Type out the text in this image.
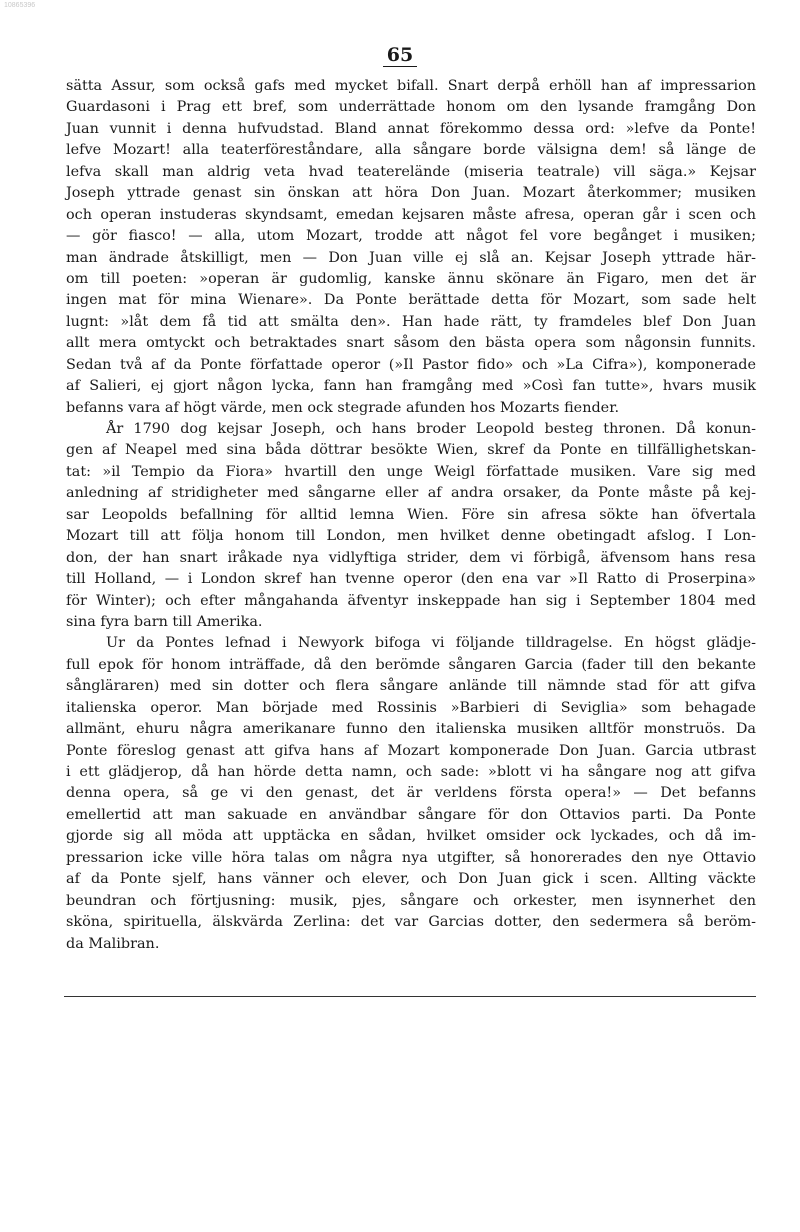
10865396
65
sätta Assur, som också gafs med mycket bifall. Snart derpå erhöll han af impressarion
Guardasoni i Prag ett bref, som underrättade honom om den lysande framgång Don
Juan vunnit i denna hufvudstad. Bland annat förekommo dessa ord: »lefve da Ponte!
lefve Mozart! alla teaterföreståndare, alla sångare borde välsigna dem! så länge de
lefva skall man aldrig veta hvad teaterelände (miseria teatrale) vill säga.» Kejsar
Joseph yttrade genast sin önskan att höra Don Juan. Mozart återkommer; musiken
och operan instuderas skyndsamt, emedan kejsaren måste afresa, operan går i scen och
— gör fiasco! — alla, utom Mozart, trodde att något fel vore begånget i musiken;
man ändrade åtskilligt, men — Don Juan ville ej slå an. Kejsar Joseph yttrade här-
om till poeten: »operan är gudomlig, kanske ännu skönare än Figaro, men det är
ingen mat för mina Wienare». Da Ponte berättade detta för Mozart, som sade helt
lugnt: »låt dem få tid att smälta den». Han hade rätt, ty framdeles blef Don Juan
allt mera omtyckt och betraktades snart såsom den bästa opera som någonsin funnits.
Sedan två af da Ponte författade operor (»Il Pastor fido» och »La Cifra»), komponerade
af Salieri, ej gjort någon lycka, fann han framgång med »Così fan tutte», hvars musik
befanns vara af högt värde, men ock stegrade afunden hos Mozarts fiender.
År 1790 dog kejsar Joseph, och hans broder Leopold besteg thronen. Då konun-
gen af Neapel med sina båda döttrar besökte Wien, skref da Ponte en tillfällighetskan-
tat: »il Tempio da Fiora» hvartill den unge Weigl författade musiken. Vare sig med
anledning af stridigheter med sångarne eller af andra orsaker, da Ponte måste på kej-
sar Leopolds befallning för alltid lemna Wien. Före sin afresa sökte han öfvertala
Mozart till att följa honom till London, men hvilket denne obetingadt afslog. I Lon-
don, der han snart iråkade nya vidlyftiga strider, dem vi förbigå, äfvensom hans resa
till Holland, — i London skref han tvenne operor (den ena var »Il Ratto di Proserpina»
för Winter); och efter mångahanda äfventyr inskeppade han sig i September 1804 med
sina fyra barn till Amerika.
Ur da Pontes lefnad i Newyork bifoga vi följande tilldragelse. En högst glädje-
full epok för honom inträffade, då den berömde sångaren Garcia (fader till den bekante
sångläraren) med sin dotter och flera sångare anlände till nämnde stad för att gifva
italienska operor. Man började med Rossinis »Barbieri di Seviglia» som behagade
allmänt, ehuru några amerikanare funno den italienska musiken alltför monstruös. Da
Ponte föreslog genast att gifva hans af Mozart komponerade Don Juan. Garcia utbrast
i ett glädjerop, då han hörde detta namn, och sade: »blott vi ha sångare nog att gifva
denna opera, så ge vi den genast, det är verldens första opera!» — Det befanns
emellertid att man sakuade en användbar sångare för don Ottavios parti. Da Ponte
gjorde sig all möda att upptäcka en sådan, hvilket omsider ock lyckades, och då im-
pressarion icke ville höra talas om några nya utgifter, så honorerades den nye Ottavio
af da Ponte sjelf, hans vänner och elever, och Don Juan gick i scen. Allting väckte
beundran och förtjusning: musik, pjes, sångare och orkester, men isynnerhet den
sköna, spirituella, älskvärda Zerlina: det var Garcias dotter, den sedermera så beröm-
da Malibran.
